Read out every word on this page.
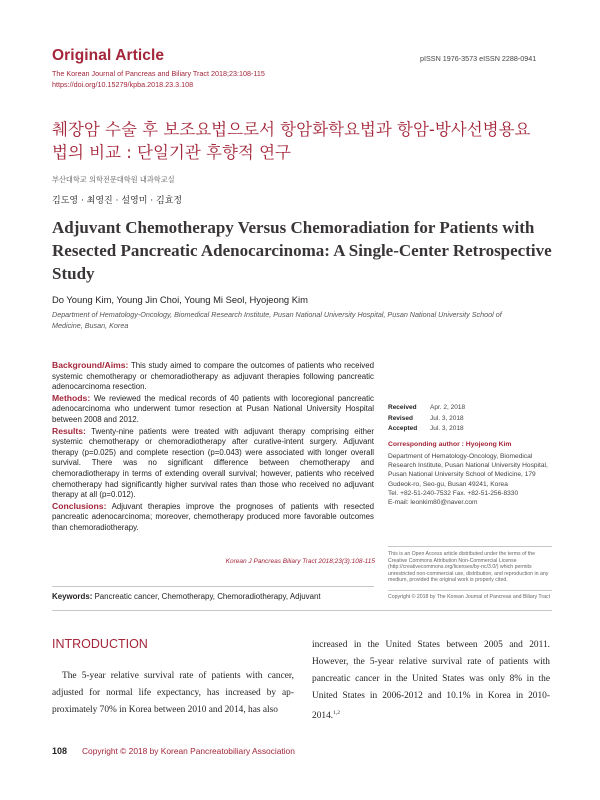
Original Article	pISSN 1976-3573 eISSN 2288-0941
The Korean Journal of Pancreas and Biliary Tract 2018;23:108-115
https://doi.org/10.15279/kpba.2018.23.3.108
췌장암 수술 후 보조요법으로서 항암화학요법과 항암-방사선병용요법의 비교 : 단일기관 후향적 연구
부산대학교 의학전문대학원 내과학교실
김도영 · 최영진 · 설영미 · 김효정
Adjuvant Chemotherapy Versus Chemoradiation for Patients with Resected Pancreatic Adenocarcinoma: A Single-Center Retrospective Study
Do Young Kim, Young Jin Choi, Young Mi Seol, Hyojeong Kim
Department of Hematology-Oncology, Biomedical Research Institute, Pusan National University Hospital, Pusan National University School of Medicine, Busan, Korea

Background/Aims: This study aimed to compare the outcomes of patients who received systemic chemotherapy or chemoradiotherapy as adjuvant therapies following pancreatic adenocarcinoma resection.

Methods: We reviewed the medical records of 40 patients with locoregional pancreatic adenocarcinoma who underwent tumor resection at Pusan National University Hospital between 2008 and 2012.

Results: Twenty-nine patients were treated with adjuvant therapy comprising either systemic chemotherapy or chemoradiotherapy after curative-intent surgery. Adjuvant therapy (p=0.025) and complete resection (p=0.043) were associated with longer overall survival. There was no significant difference between chemotherapy and chemoradiotherapy in terms of extending overall survival; however, patients who received chemotherapy had significantly higher survival rates than those who received no adjuvant therapy at all (p=0.012).

Conclusions: Adjuvant therapies improve the prognoses of patients with resected pancreatic adenocarcinoma; moreover, chemotherapy produced more favorable outcomes than chemoradiotherapy.

Korean J Pancreas Biliary Tract 2018;23(3):108-115
Received Apr. 2, 2018
Revised	Jul. 3, 2018
Accepted Jul. 3, 2018
Corresponding author : Hyojeong Kim
Department of Hematology-Oncology, Biomedical Research Institute, Pusan National University Hospital, Pusan National University School of Medicine, 179 Gudeok-ro, Seo-gu, Busan 49241, Korea
Tel. +82-51-240-7532 Fax. +82-51-256-8330
E-mail: leonkim80@naver.com
This is an Open Access article distributed under the terms of the Creative Commons Attribution Non-Commercial License (http://creativecommons.org/licenses/by-nc/3.0/) which permits unrestricted non-commercial use, distribution, and reproduction in any medium, provided the original work is properly cited.
Copyright © 2018 by The Korean Journal of Pancreas and Biliary Tract
Keywords: Pancreatic cancer, Chemotherapy, Chemoradiotherapy, Adjuvant
INTRODUCTION
The 5-year relative survival rate of patients with cancer, adjusted for normal life expectancy, has increased by ap-proximately 70% in Korea between 2010 and 2014, has also
increased in the United States between 2005 and 2011. However, the 5-year relative survival rate of patients with pancreatic cancer in the United States was only 8% in the United States in 2006-2012 and 10.1% in Korea in 2010-2014.$^{1,2}$
108 Copyright © 2018 by Korean Pancreatobiliary Association
